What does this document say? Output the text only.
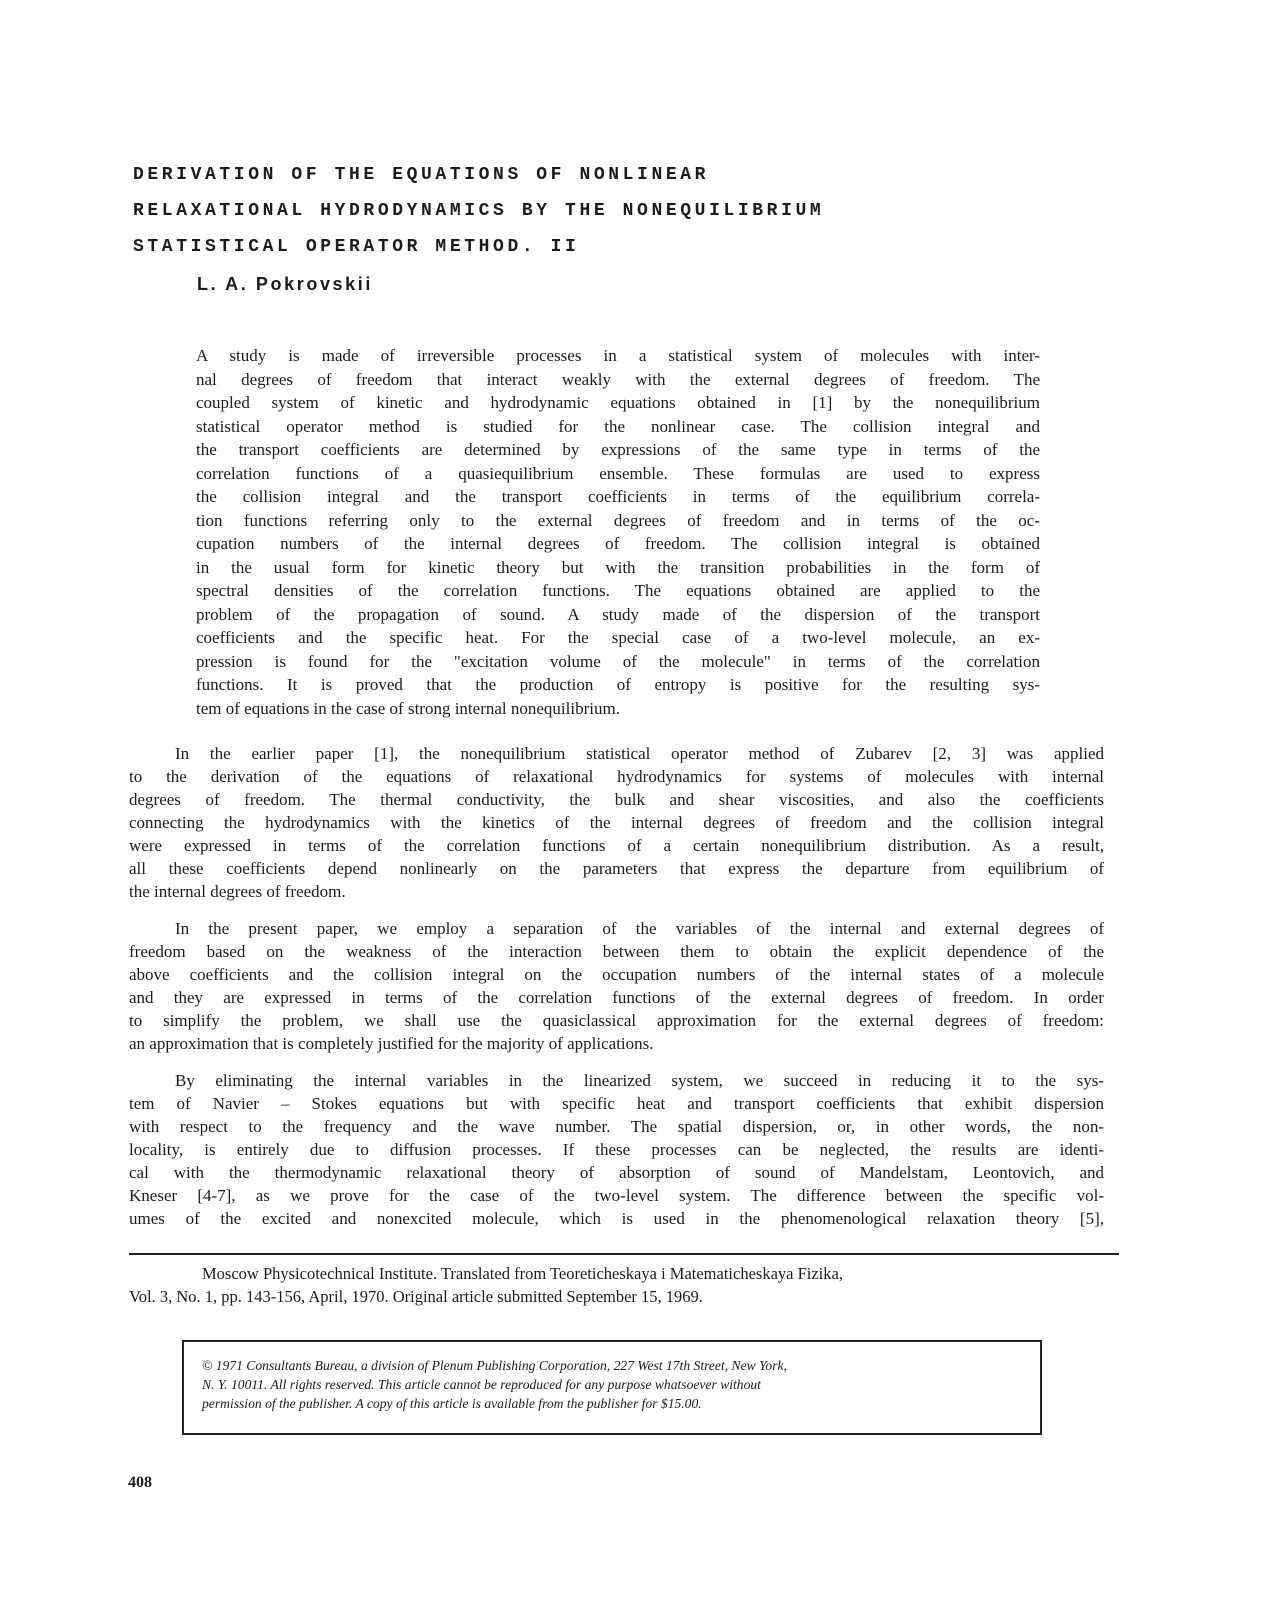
DERIVATION OF THE EQUATIONS OF NONLINEAR
RELAXATIONAL HYDRODYNAMICS BY THE NONEQUILIBRIUM
STATISTICAL OPERATOR METHOD. II
L. A. Pokrovskii
A study is made of irreversible processes in a statistical system of molecules with inter-
nal degrees of freedom that interact weakly with the external degrees of freedom. The
coupled system of kinetic and hydrodynamic equations obtained in [1] by the nonequilibrium
statistical operator method is studied for the nonlinear case. The collision integral and
the transport coefficients are determined by expressions of the same type in terms of the
correlation functions of a quasiequilibrium ensemble. These formulas are used to express
the collision integral and the transport coefficients in terms of the equilibrium correla-
tion functions referring only to the external degrees of freedom and in terms of the oc-
cupation numbers of the internal degrees of freedom. The collision integral is obtained
in the usual form for kinetic theory but with the transition probabilities in the form of
spectral densities of the correlation functions. The equations obtained are applied to the
problem of the propagation of sound. A study made of the dispersion of the transport
coefficients and the specific heat. For the special case of a two-level molecule, an ex-
pression is found for the "excitation volume of the molecule" in terms of the correlation
functions. It is proved that the production of entropy is positive for the resulting sys-
tem of equations in the case of strong internal nonequilibrium.
In the earlier paper [1], the nonequilibrium statistical operator method of Zubarev [2, 3] was applied
to the derivation of the equations of relaxational hydrodynamics for systems of molecules with internal
degrees of freedom. The thermal conductivity, the bulk and shear viscosities, and also the coefficients
connecting the hydrodynamics with the kinetics of the internal degrees of freedom and the collision integral
were expressed in terms of the correlation functions of a certain nonequilibrium distribution. As a result,
all these coefficients depend nonlinearly on the parameters that express the departure from equilibrium of
the internal degrees of freedom.
In the present paper, we employ a separation of the variables of the internal and external degrees of
freedom based on the weakness of the interaction between them to obtain the explicit dependence of the
above coefficients and the collision integral on the occupation numbers of the internal states of a molecule
and they are expressed in terms of the correlation functions of the external degrees of freedom. In order
to simplify the problem, we shall use the quasiclassical approximation for the external degrees of freedom:
an approximation that is completely justified for the majority of applications.
By eliminating the internal variables in the linearized system, we succeed in reducing it to the sys-
tem of Navier – Stokes equations but with specific heat and transport coefficients that exhibit dispersion
with respect to the frequency and the wave number. The spatial dispersion, or, in other words, the non-
locality, is entirely due to diffusion processes. If these processes can be neglected, the results are identi-
cal with the thermodynamic relaxational theory of absorption of sound of Mandelstam, Leontovich, and
Kneser [4-7], as we prove for the case of the two-level system. The difference between the specific vol-
umes of the excited and nonexcited molecule, which is used in the phenomenological relaxation theory [5],
Moscow Physicotechnical Institute. Translated from Teoreticheskaya i Matematicheskaya Fizika,
Vol. 3, No. 1, pp. 143-156, April, 1970. Original article submitted September 15, 1969.
© 1971 Consultants Bureau, a division of Plenum Publishing Corporation, 227 West 17th Street, New York,
N. Y. 10011. All rights reserved. This article cannot be reproduced for any purpose whatsoever without
permission of the publisher. A copy of this article is available from the publisher for $15.00.
408
